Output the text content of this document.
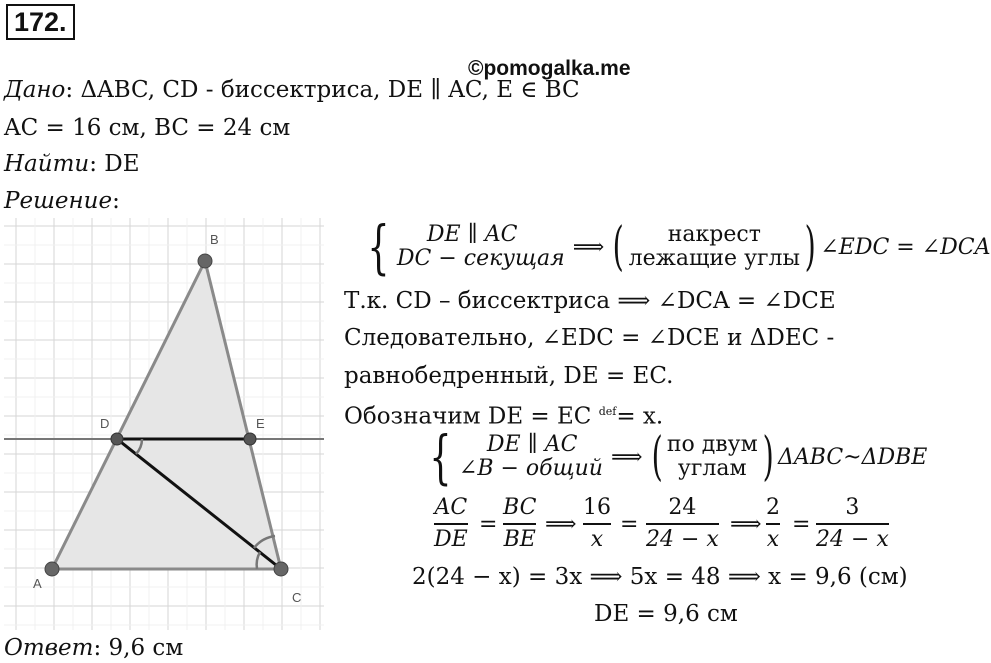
172.
©pomogalka.me
Дано: ΔABC, CD - биссектриса, DE ∥ AC, E ∈ BC
AC = 16 см, BC = 24 см
Найти: DE
Решение:
A
B
C
D	E
{ DE ∥ AC
DC − секущая ⟹ ( накрест
лежащие углы ) ∠EDC = ∠DCA
Т.к. CD – биссектриса ⟹ ∠DCA = ∠DCE
Следовательно, ∠EDC = ∠DCE и ΔDEC -
равнобедренный, DE = EC.
Обозначим DE = EC $^{def}$= x.
{ DE ∥ AC
∠B − общий ⟹ ( по двум
углам ) ΔABC~ΔDBE
AC
DE
=
BC
BE
⟹
16
x
=
24
24 − x
⟹
2
x
=
3
24 − x
2(24 − x) = 3x ⟹ 5x = 48 ⟹ x = 9,6 (см)
DE = 9,6 см
Ответ: 9,6 см
